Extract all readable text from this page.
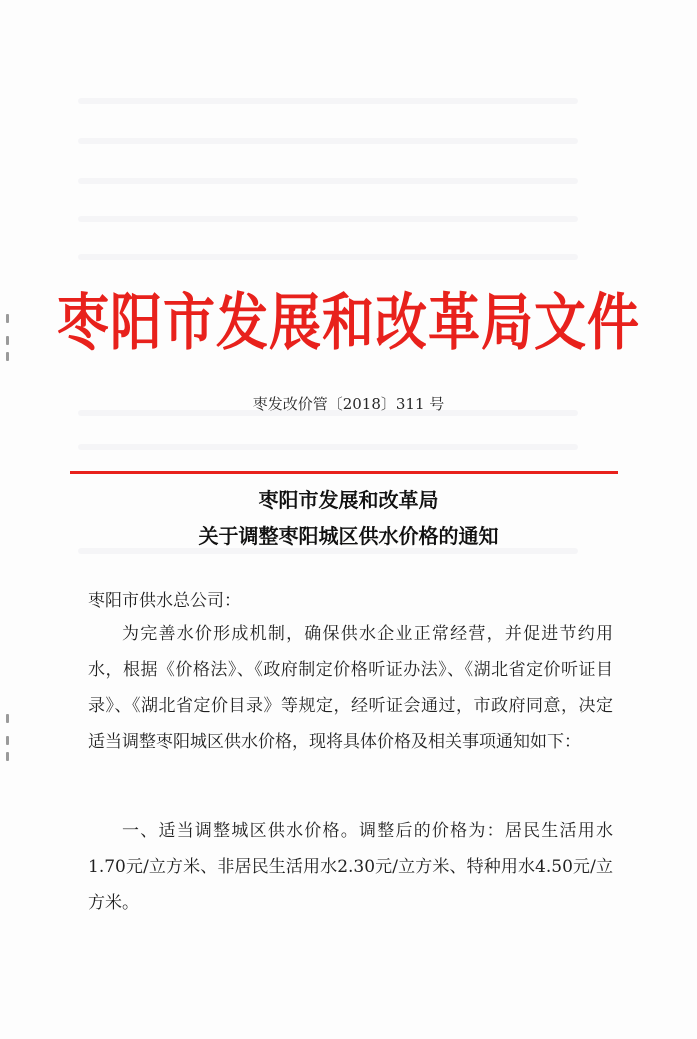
枣阳市发展和改革局文件
枣发改价管〔2018〕311 号
枣阳市发展和改革局
关于调整枣阳城区供水价格的通知
枣阳市供水总公司：
为完善水价形成机制，确保供水企业正常经营，并促进节约用水，根据《价格法》、《政府制定价格听证办法》、《湖北省定价听证目录》、《湖北省定价目录》等规定，经听证会通过，市政府同意，决定适当调整枣阳城区供水价格，现将具体价格及相关事项通知如下：
一、适当调整城区供水价格。调整后的价格为：居民生活用水1.70元/立方米、非居民生活用水2.30元/立方米、特种用水4.50元/立方米。
